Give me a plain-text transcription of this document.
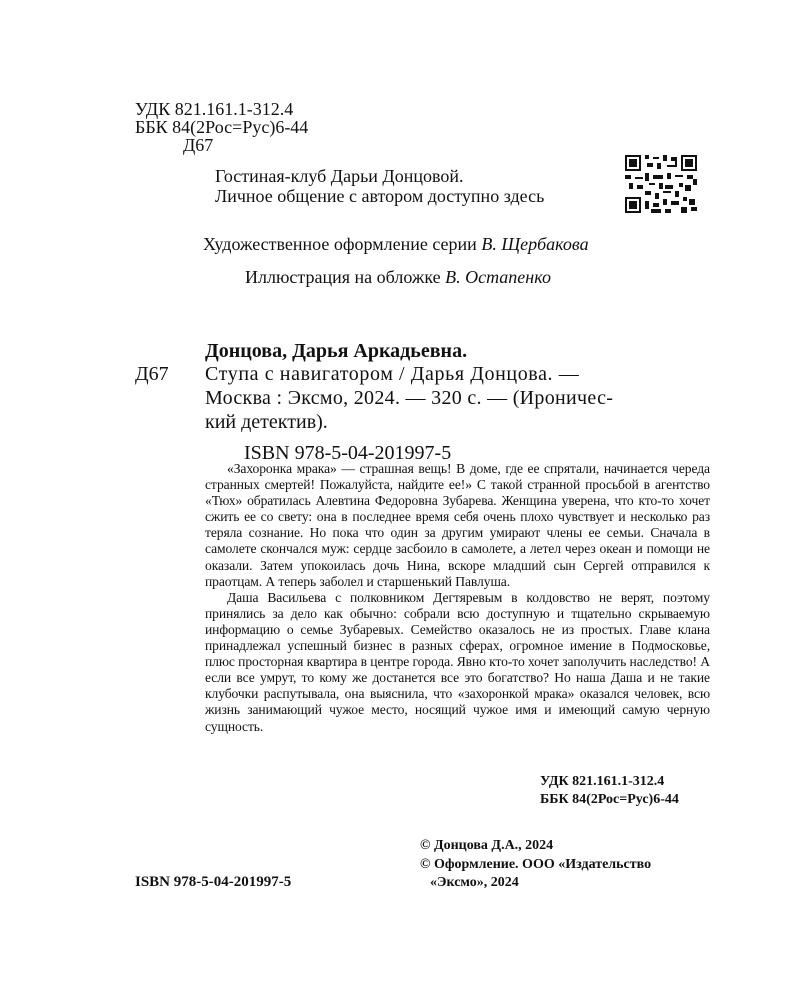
УДК 821.161.1-312.4
ББК 84(2Рос=Рус)6-44
Д67
Гостиная-клуб Дарьи Донцовой.
Личное общение с автором доступно здесь
Художественное оформление серии В. Щербакова
Иллюстрация на обложке В. Остапенко
Донцова, Дарья Аркадьевна.
Д67 Ступа с навигатором / Дарья Донцова. —
Москва : Эксмо, 2024. — 320 с. — (Ироничес-
кий детектив).
ISBN 978-5-04-201997-5

«Захоронка мрака» — страшная вещь! В доме, где ее спрятали, начинается череда странных смертей! Пожалуйста, найдите ее!» С такой странной просьбой в агентство «Тюх» обратилась Алевтина Федоровна Зубарева. Женщина уверена, что кто-то хочет сжить ее со свету: она в последнее время себя очень плохо чувствует и несколько раз теряла сознание. Но пока что один за другим умирают члены ее семьи. Сначала в самолете скончался муж: сердце засбоило в самолете, а летел через океан и помощи не оказали. Затем упокоилась дочь Нина, вскоре младший сын Сергей отправился к праотцам. А теперь заболел и старшенький Павлуша.

Даша Васильева с полковником Дегтяревым в колдовство не верят, поэтому принялись за дело как обычно: собрали всю доступную и тщательно скрываемую информацию о семье Зубаревых. Семейство оказалось не из простых. Главе клана принадлежал успешный бизнес в разных сферах, огромное имение в Подмосковье, плюс просторная квартира в центре города. Явно кто-то хочет заполучить наследство! А если все умрут, то кому же достанется все это богатство? Но наша Даша и не такие клубочки распутывала, она выяснила, что «захоронкой мрака» оказался человек, всю жизнь занимающий чужое место, носящий чужое имя и имеющий самую черную сущность.

УДК 821.161.1-312.4
ББК 84(2Рос=Рус)6-44
© Донцова Д.А., 2024
© Оформление. ООО «Издательство
«Эксмо», 2024
ISBN 978-5-04-201997-5
